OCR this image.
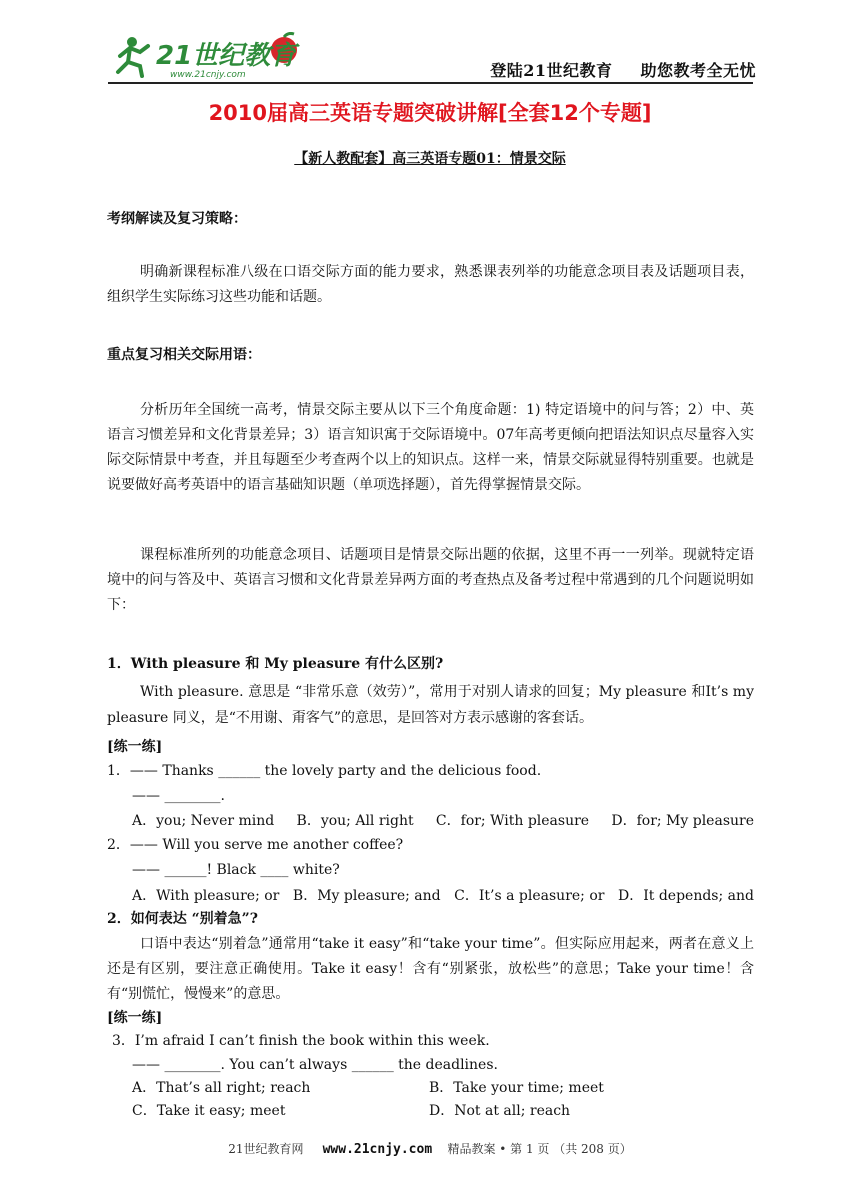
21世纪教育
www.21cnjy.com	登陆21世纪教育 助您教考全无忧
2010届高三英语专题突破讲解[全套12个专题]
【新人教配套】高三英语专题01：情景交际
考纲解读及复习策略：
明确新课程标准八级在口语交际方面的能力要求，熟悉课表列举的功能意念项目表及话题项目表，组织学生实际练习这些功能和话题。
重点复习相关交际用语：
分析历年全国统一高考，情景交际主要从以下三个角度命题：1) 特定语境中的问与答；2）中、英语言习惯差异和文化背景差异；3）语言知识寓于交际语境中。07年高考更倾向把语法知识点尽量容入实际交际情景中考查，并且每题至少考查两个以上的知识点。这样一来，情景交际就显得特别重要。也就是说要做好高考英语中的语言基础知识题（单项选择题），首先得掌握情景交际。
课程标准所列的功能意念项目、话题项目是情景交际出题的依据，这里不再一一列举。现就特定语境中的问与答及中、英语言习惯和文化背景差异两方面的考查热点及备考过程中常遇到的几个问题说明如下：
1．With pleasure 和 My pleasure 有什么区别?
With pleasure. 意思是 “非常乐意（效劳）”，常用于对别人请求的回复；My pleasure 和It’s my pleasure 同义，是“不用谢、甭客气”的意思，是回答对方表示感谢的客套话。
[练一练]
1．—— Thanks ______ the lovely party and the delicious food.
—— ________.
A．you; Never mind B．you; All right C．for; With pleasure D．for; My pleasure
2．—— Will you serve me another coffee?
—— ______! Black ____ white?
A．With pleasure; or B．My pleasure; and C．It’s a pleasure; or D．It depends; and
2．如何表达 “别着急”?
口语中表达“别着急”通常用“take it easy”和“take your time”。但实际应用起来，两者在意义上还是有区别，要注意正确使用。Take it easy！含有“别紧张，放松些”的意思；Take your time！含有“别慌忙，慢慢来”的意思。
[练一练]
3．I’m afraid I can’t finish the book within this week.
—— ________. You can’t always ______ the deadlines.
A．That’s all right; reach	B．Take your time; meet
C．Take it easy; meet	D．Not at all; reach
21世纪教育网 www.21cnjy.com 精品教案 • 第 1 页 （共 208 页）
